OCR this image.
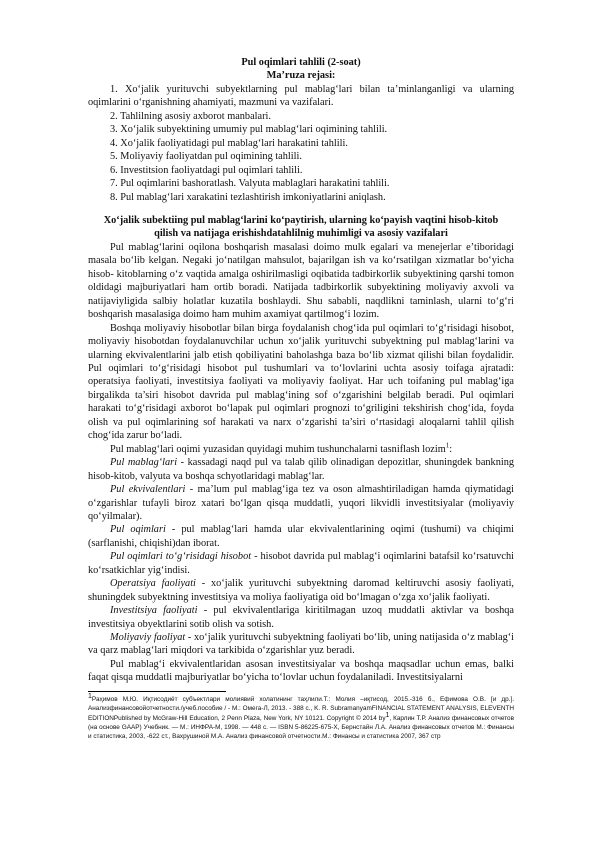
Pul oqimlari tahlili (2-soat)
Ma’ruza rejasi:
1. Xo‘jalik yurituvchi subyektlarning pul mablag‘lari bilan ta’minlanganligi va ularning oqimlarini o‘rganishning ahamiyati, mazmuni va vazifalari.
2. Tahlilning asosiy axborot manbalari.
3. Xo‘jalik subyektining umumiy pul mablag‘lari oqimining tahlili.
4. Xo‘jalik faoliyatidagi pul mablag‘lari harakatini tahlili.
5. Moliyaviy faoliyatdan pul oqimining tahlili.
6. Investitsion faoliyatdagi pul oqimlari tahlili.
7. Pul oqimlarini bashoratlash. Valyuta mablaglari harakatini tahlili.
8. Pul mablag‘lari xarakatini tezlashtirish imkoniyatlarini aniqlash.
Xo‘jalik subektiing pul mablag‘larini ko‘paytirish, ularning ko‘payish vaqtini hisob-kitob
qilish va natijaga erishishdatahlilnig muhimligi va asosiy vazifalari

Pul mablag‘larini oqilona boshqarish masalasi doimo mulk egalari va menejerlar e’tiboridagi masala bo‘lib kelgan. Negaki jo‘natilgan mahsulot, bajarilgan ish va ko‘rsatilgan xizmatlar bo‘yicha hisob- kitoblarning o‘z vaqtida amalga oshirilmasligi oqibatida tadbirkorlik subyektining qarshi tomon oldidagi majburiyatlari ham ortib boradi. Natijada tadbirkorlik subyektining moliyaviy axvoli va natijaviyligida salbiy holatlar kuzatila boshlaydi. Shu sababli, naqdlikni taminlash, ularni to‘g‘ri boshqarish masalasiga doimo ham muhim axamiyat qartilmog‘i lozim.

Boshqa moliyaviy hisobotlar bilan birga foydalanish chog‘ida pul oqimlari to‘g‘risidagi hisobot, moliyaviy hisobotdan foydalanuvchilar uchun xo‘jalik yurituvchi subyektning pul mablag‘larini va ularning ekvivalentlarini jalb etish qobiliyatini baholashga baza bo‘lib xizmat qilishi bilan foydalidir. Pul oqimlari to‘g‘risidagi hisobot pul tushumlari va to‘lovlarini uchta asosiy toifaga ajratadi: operatsiya faoliyati, investitsiya faoliyati va moliyaviy faoliyat. Har uch toifaning pul mablag‘iga birgalikda ta’siri hisobot davrida pul mablag‘ining sof o‘zgarishini belgilab beradi. Pul oqimlari harakati to‘g‘risidagi axborot bo‘lapak pul oqimlari prognozi to‘griligini tekshirish chog‘ida, foyda olish va pul oqimlarining sof harakati va narx o‘zgarishi ta’siri o‘rtasidagi aloqalarni tahlil qilish chog‘ida zarur bo‘ladi.

Pul mablag‘lari oqimi yuzasidan quyidagi muhim tushunchalarni tasniflash lozim$^1$:

Pul mablag‘lari - kassadagi naqd pul va talab qilib olinadigan depozitlar, shuningdek bankning hisob-kitob, valyuta va boshqa schyotlaridagi mablag‘lar.

Pul ekvivalentlari - ma’lum pul mablag‘iga tez va oson almashtiriladigan hamda qiymatidagi o‘zgarishlar tufayli biroz xatari bo‘lgan qisqa muddatli, yuqori likvidli investitsiyalar (moliyaviy qo‘yilmalar).

Pul oqimlari - pul mablag‘lari hamda ular ekvivalentlarining oqimi (tushumi) va chiqimi (sarflanishi, chiqishi)dan iborat.

Pul oqimlari to‘g‘risidagi hisobot - hisobot davrida pul mablag‘i oqimlarini batafsil ko‘rsatuvchi ko‘rsatkichlar yig‘indisi.

Operatsiya faoliyati - xo‘jalik yurituvchi subyektning daromad keltiruvchi asosiy faoliyati, shuningdek subyektning investitsiya va moliya faoliyatiga oid bo‘lmagan o‘zga xo‘jalik faoliyati.

Investitsiya faoliyati - pul ekvivalentlariga kiritilmagan uzoq muddatli aktivlar va boshqa investitsiya obyektlarini sotib olish va sotish.

Moliyaviy faoliyat - xo‘jalik yurituvchi subyektning faoliyati bo‘lib, uning natijasida o‘z mablag‘i va qarz mablag‘lari miqdori va tarkibida o‘zgarishlar yuz beradi.

Pul mablag‘i ekvivalentlaridan asosan investitsiyalar va boshqa maqsadlar uchun emas, balki faqat qisqa muddatli majburiyatlar bo‘yicha to‘lovlar uchun foydalaniladi. Investitsiyalarni

$^1$Раҳимов М.Ю. Иқтисодиёт субъектлари молиявий холатининг таҳлили.Т.: Молия –иқтисод, 2015.-316 б., Ефимова О.В. [и др.]. Анализфинансовойотчетности./учеб.пособие / - М.: Омега-Л, 2013. - 388 с., K. R. SubramanyamFINANCIAL STATEMENT ANALYSIS, ELEVENTH EDITIONPublished by McGraw-Hill Education, 2 Penn Plaza, New York, NY 10121. Copyright © 2014 $by^1$, Карлин Т.Р. Анализ финансовых отчетов (на основе GAAP) Учебник. — М.: ИНФРА-М, 1998. — 448 с. — ISBN 5-86225-675-X, Бернстайн Л.А. Анализ финансовых отчетов М.: Финансы и статистика, 2003, -622 ст., Вахрушиной М.А. Анализ финансовой отчетности.М.: Финансы и статистика 2007, 367 стр
